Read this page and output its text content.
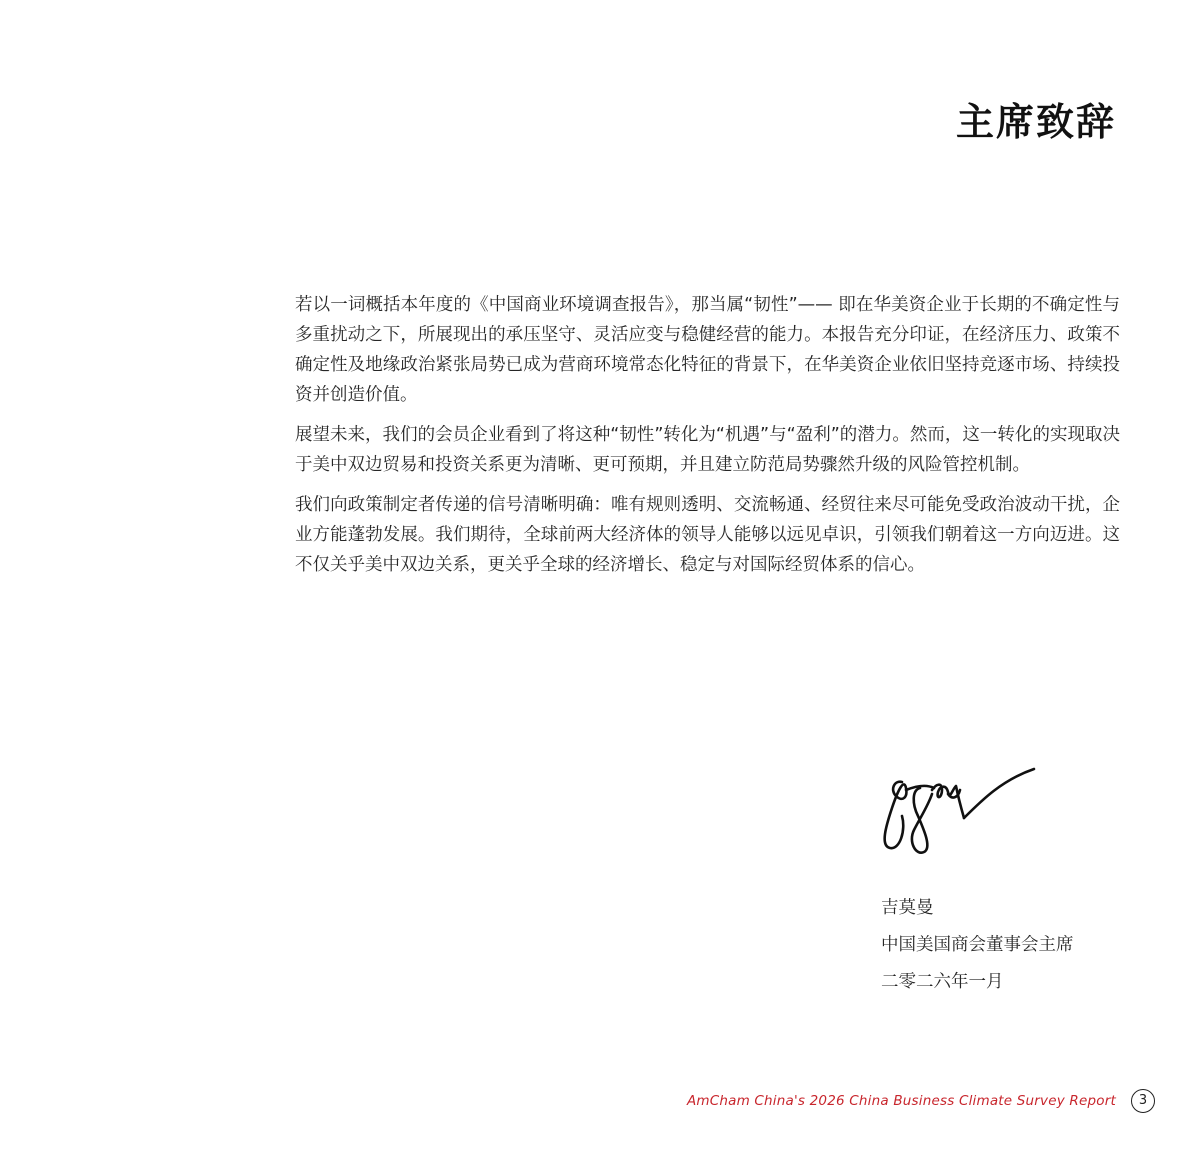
主席致辞

若以一词概括本年度的《中国商业环境调查报告》，那当属“韧性”—— 即在华美资企业于长期的不确定性与多重扰动之下，所展现出的承压坚守、灵活应变与稳健经营的能力。本报告充分印证，在经济压力、政策不确定性及地缘政治紧张局势已成为营商环境常态化特征的背景下，在华美资企业依旧坚持竞逐市场、持续投资并创造价值。

展望未来，我们的会员企业看到了将这种“韧性”转化为“机遇”与“盈利”的潜力。然而，这一转化的实现取决于美中双边贸易和投资关系更为清晰、更可预期，并且建立防范局势骤然升级的风险管控机制。

我们向政策制定者传递的信号清晰明确：唯有规则透明、交流畅通、经贸往来尽可能免受政治波动干扰，企业方能蓬勃发展。我们期待，全球前两大经济体的领导人能够以远见卓识，引领我们朝着这一方向迈进。这不仅关乎美中双边关系，更关乎全球的经济增长、稳定与对国际经贸体系的信心。

吉莫曼
中国美国商会董事会主席
二零二六年一月
AmCham China's 2026 China Business Climate Survey Report	3
